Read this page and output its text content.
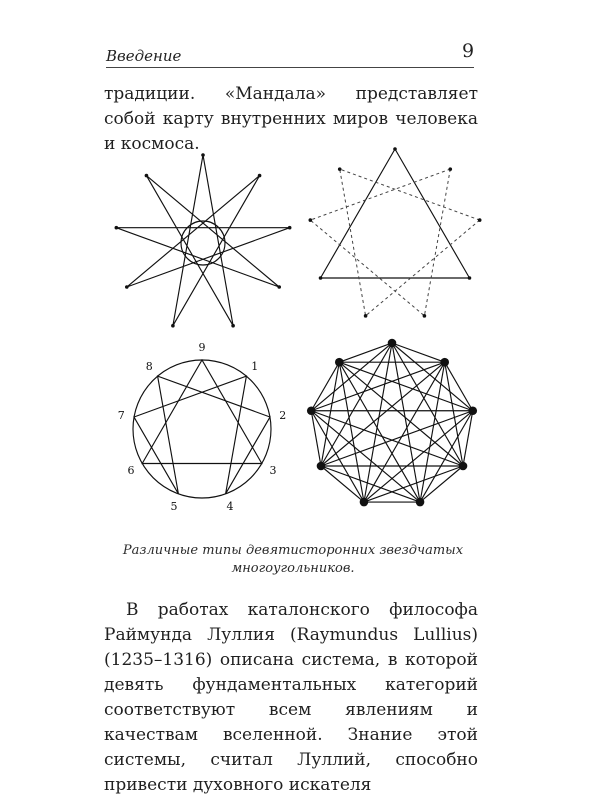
Введение	9
традиции. «Мандала» представляет собой карту внутренних миров человека и космоса.
9
1
2
3
4
5
6
7
8
Различные типы девятисторонних звездчатых многоугольников.
В работах каталонского философа Раймунда Луллия (Raymundus Lullius) (1235–1316) описана система, в которой девять фундаментальных категорий соответствуют всем явлениям и качествам вселенной. Знание этой системы, считал Луллий, способно привести духовного искателя
